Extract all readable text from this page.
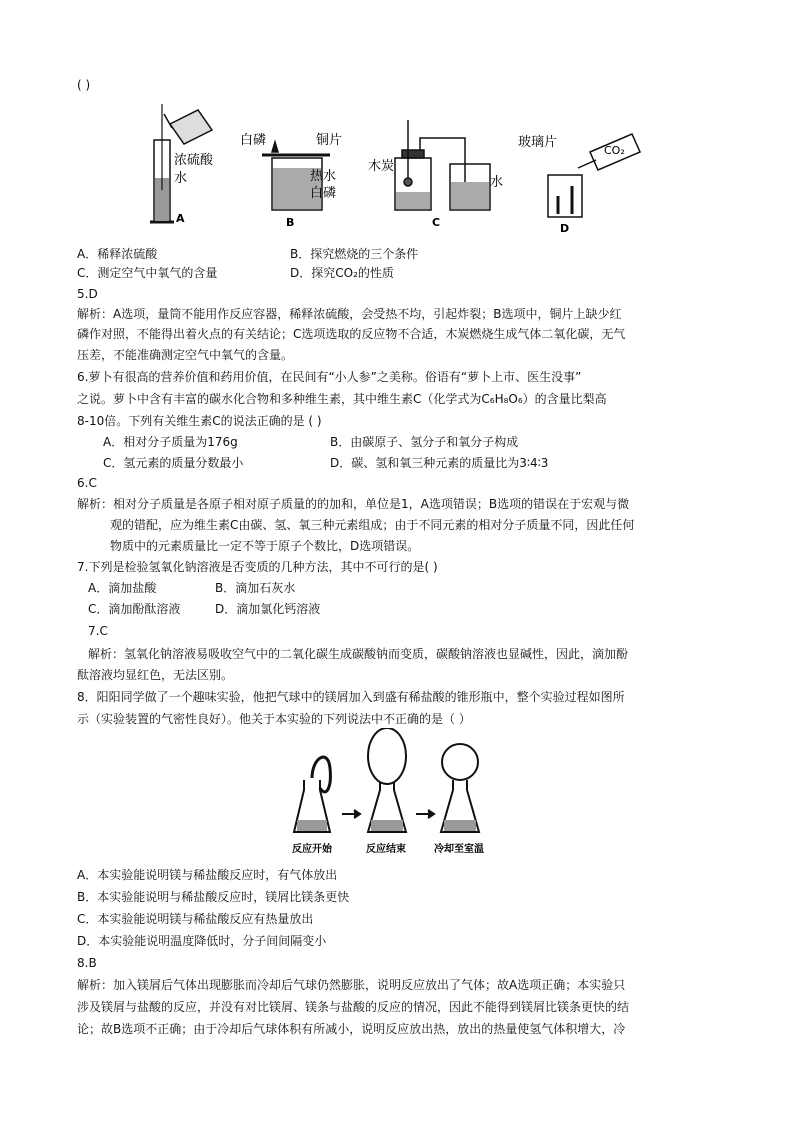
( )
浓硫酸
水
A
白磷	铜片
热水
白磷
B
木炭
水
C
玻璃片
CO₂
D
A．稀释浓硫酸	B．探究燃烧的三个条件
C．测定空气中氧气的含量	D．探究CO₂的性质
5.D
解析：A选项，量筒不能用作反应容器，稀释浓硫酸，会受热不均，引起炸裂；B选项中，铜片上缺少红
磷作对照，不能得出着火点的有关结论；C选项选取的反应物不合适，木炭燃烧生成气体二氧化碳，无气
压差，不能准确测定空气中氧气的含量。
6.萝卜有很高的营养价值和药用价值，在民间有“小人参”之美称。俗语有“萝卜上市、医生没事”
之说。萝卜中含有丰富的碳水化合物和多种维生素，其中维生素C（化学式为C₆H₈O₆）的含量比梨高
8-10倍。下列有关维生素C的说法正确的是 ( )
A．相对分子质量为176g	B．由碳原子、氢分子和氧分子构成
C．氢元素的质量分数最小	D．碳、氢和氧三种元素的质量比为3∶4∶3
6.C
解析：相对分子质量是各原子相对原子质量的的加和，单位是1，A选项错误；B选项的错误在于宏观与微
观的错配，应为维生素C由碳、氢、氧三种元素组成；由于不同元素的相对分子质量不同，因此任何
物质中的元素质量比一定不等于原子个数比，D选项错误。
7.下列是检验氢氧化钠溶液是否变质的几种方法，其中不可行的是( )
A．滴加盐酸	B．滴加石灰水
C．滴加酚酞溶液	D．滴加氯化钙溶液
7.C
解析：氢氧化钠溶液易吸收空气中的二氧化碳生成碳酸钠而变质，碳酸钠溶液也显碱性，因此，滴加酚
酞溶液均显红色，无法区别。
8．阳阳同学做了一个趣味实验，他把气球中的镁屑加入到盛有稀盐酸的锥形瓶中，整个实验过程如图所
示（实验装置的气密性良好）。他关于本实验的下列说法中不正确的是（ ）
反应开始	反应结束	冷却至室温
A．本实验能说明镁与稀盐酸反应时，有气体放出
B．本实验能说明与稀盐酸反应时，镁屑比镁条更快
C．本实验能说明镁与稀盐酸反应有热量放出
D．本实验能说明温度降低时，分子间间隔变小
8.B
解析：加入镁屑后气体出现膨胀而冷却后气球仍然膨胀，说明反应放出了气体；故A选项正确；本实验只
涉及镁屑与盐酸的反应，并没有对比镁屑、镁条与盐酸的反应的情况，因此不能得到镁屑比镁条更快的结
论；故B选项不正确；由于冷却后气球体积有所减小，说明反应放出热，放出的热量使氢气体积增大，冷
